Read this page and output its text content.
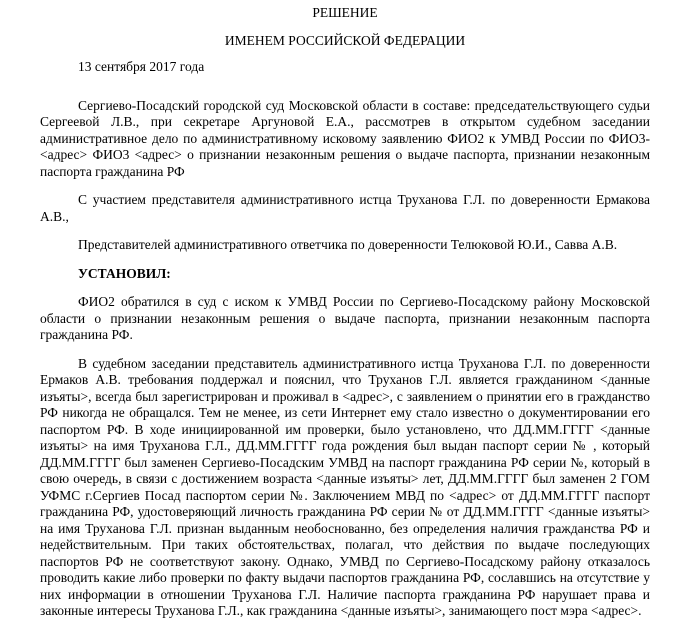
РЕШЕНИЕ

ИМЕНЕМ РОССИЙСКОЙ ФЕДЕРАЦИИ

13 сентября 2017 года

Сергиево-Посадский городской суд Московской области в составе: председательствующего судьи Сергеевой Л.В., при секретаре Аргуновой Е.А., рассмотрев в открытом судебном заседании административное дело по административному исковому заявлению ФИО2 к УМВД России по ФИО3-<адрес> ФИО3 <адрес> о признании незаконным решения о выдаче паспорта, признании незаконным паспорта гражданина РФ

С участием представителя административного истца Труханова Г.Л. по доверенности Ермакова А.В.,

Представителей административного ответчика по доверенности Телюковой Ю.И., Савва А.В.

УСТАНОВИЛ:

ФИО2 обратился в суд с иском к УМВД России по Сергиево-Посадскому району Московской области о признании незаконным решения о выдаче паспорта, признании незаконным паспорта гражданина РФ.

В судебном заседании представитель административного истца Труханова Г.Л. по доверенности Ермаков А.В. требования поддержал и пояснил, что Труханов Г.Л. является гражданином <данные изъяты>, всегда был зарегистрирован и проживал в <адрес>, с заявлением о принятии его в гражданство РФ никогда не обращался. Тем не менее, из сети Интернет ему стало известно о документировании его паспортом РФ. В ходе инициированной им проверки, было установлено, что ДД.ММ.ГГГГ <данные изъяты> на имя Труханова Г.Л., ДД.ММ.ГГГГ года рождения был выдан паспорт серии № , который ДД.ММ.ГГГГ был заменен Сергиево-Посадским УМВД на паспорт гражданина РФ серии №, который в свою очередь, в связи с достижением возраста <данные изъяты> лет, ДД.ММ.ГГГГ был заменен 2 ГОМ УФМС г.Сергиев Посад паспортом серии №. Заключением МВД по <адрес> от ДД.ММ.ГГГГ паспорт гражданина РФ, удостоверяющий личность гражданина РФ серии № от ДД.ММ.ГГГГ <данные изъяты> на имя Труханова Г.Л. признан выданным необоснованно, без определения наличия гражданства РФ и недействительным. При таких обстоятельствах, полагал, что действия по выдаче последующих паспортов РФ не соответствуют закону. Однако, УМВД по Сергиево-Посадскому району отказалось проводить какие либо проверки по факту выдачи паспортов гражданина РФ, сославшись на отсутствие у них информации в отношении Труханова Г.Л. Наличие паспорта гражданина РФ нарушает права и законные интересы Труханова Г.Л., как гражданина <данные изъяты>, занимающего пост мэра <адрес>.
